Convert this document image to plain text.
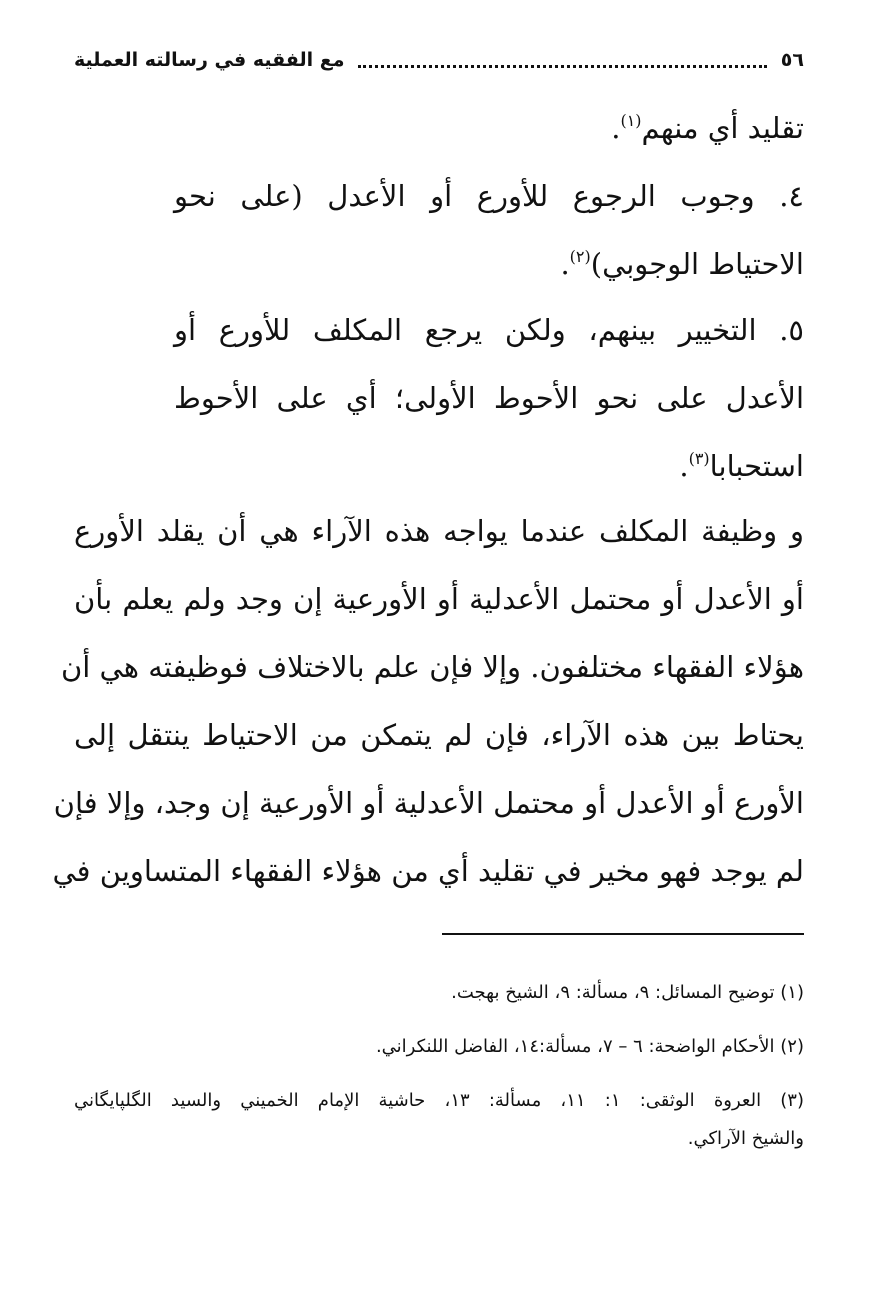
٥٦
مع الفقيه في رسالته العملية
تقليد أي منهم$^{(١)}$.
٤. وجوب الرجوع للأورع أو الأعدل (على نحو
الاحتياط الوجوبي)$^{(٢)}$.
٥. التخيير بينهم، ولكن يرجع المكلف للأورع أو
الأعدل على نحو الأحوط الأولى؛ أي على الأحوط
استحبابا$^{(٣)}$.
و وظيفة المكلف عندما يواجه هذه الآراء هي أن يقلد الأورع
أو الأعدل أو محتمل الأعدلية أو الأورعية إن وجد ولم يعلم بأن
هؤلاء الفقهاء مختلفون. وإلا فإن علم بالاختلاف فوظيفته هي أن
يحتاط بين هذه الآراء، فإن لم يتمكن من الاحتياط ينتقل إلى
الأورع أو الأعدل أو محتمل الأعدلية أو الأورعية إن وجد، وإلا فإن
لم يوجد فهو مخير في تقليد أي من هؤلاء الفقهاء المتساوين في
(١) توضيح المسائل: ٩، مسألة: ٩، الشيخ بهجت.
(٢) الأحكام الواضحة: ٦ – ٧، مسألة:١٤، الفاضل اللنكراني.
(٣) العروة الوثقى: ١: ١١، مسألة: ١٣، حاشية الإمام الخميني والسيد الگلپايگاني
والشيخ الآراكي.
